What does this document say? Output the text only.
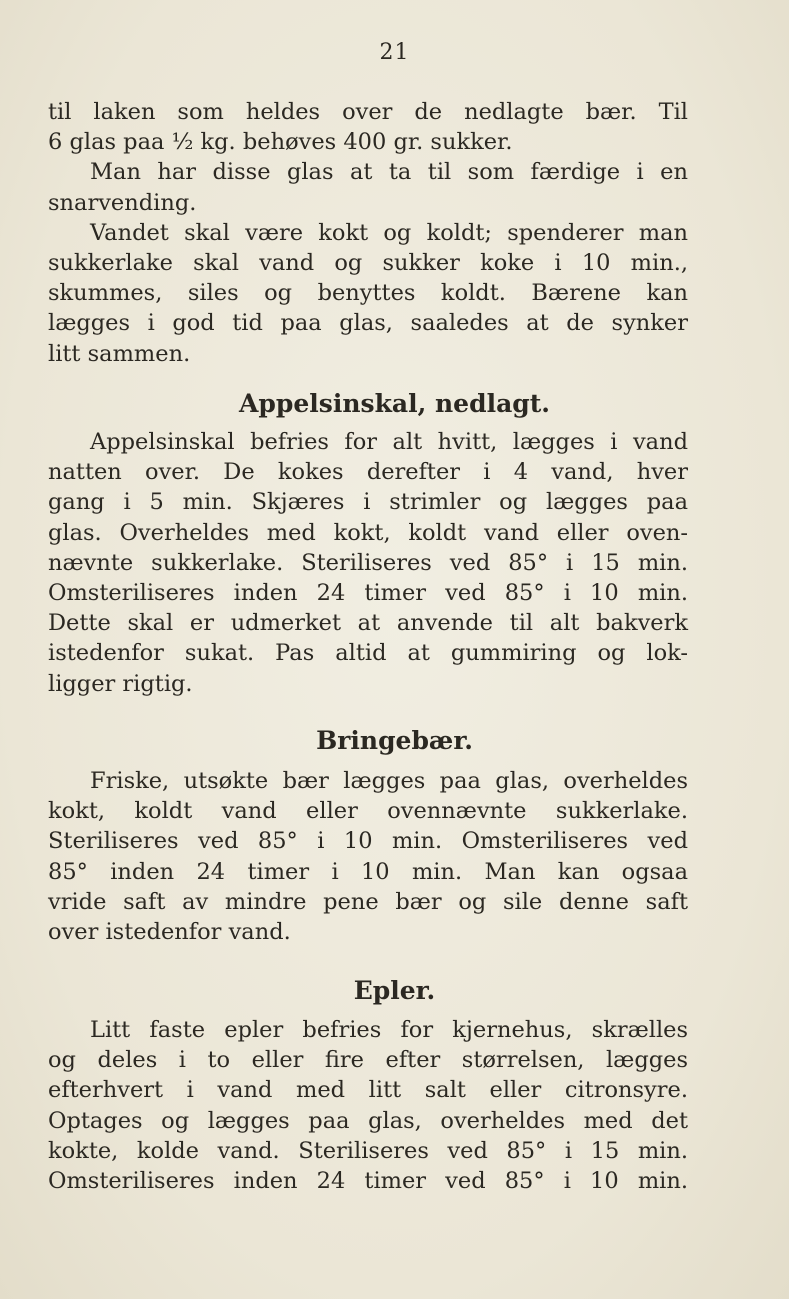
21
til laken som heldes over de nedlagte bær. Til
6 glas paa ½ kg. behøves 400 gr. sukker.
Man har disse glas at ta til som færdige i en
snarvending.
Vandet skal være kokt og koldt; spenderer man
sukkerlake skal vand og sukker koke i 10 min.,
skummes, siles og benyttes koldt. Bærene kan
lægges i god tid paa glas, saaledes at de synker
litt sammen.
Appelsinskal, nedlagt.
Appelsinskal befries for alt hvitt, lægges i vand
natten over. De kokes derefter i 4 vand, hver
gang i 5 min. Skjæres i strimler og lægges paa
glas. Overheldes med kokt, koldt vand eller oven-
nævnte sukkerlake. Steriliseres ved 85° i 15 min.
Omsteriliseres inden 24 timer ved 85° i 10 min.
Dette skal er udmerket at anvende til alt bakverk
istedenfor sukat. Pas altid at gummiring og lok-
ligger rigtig.
Bringebær.
Friske, utsøkte bær lægges paa glas, overheldes
kokt, koldt vand eller ovennævnte sukkerlake.
Steriliseres ved 85° i 10 min. Omsteriliseres ved
85° inden 24 timer i 10 min. Man kan ogsaa
vride saft av mindre pene bær og sile denne saft
over istedenfor vand.
Epler.
Litt faste epler befries for kjernehus, skrælles
og deles i to eller fire efter størrelsen, lægges
efterhvert i vand med litt salt eller citronsyre.
Optages og lægges paa glas, overheldes med det
kokte, kolde vand. Steriliseres ved 85° i 15 min.
Omsteriliseres inden 24 timer ved 85° i 10 min.
